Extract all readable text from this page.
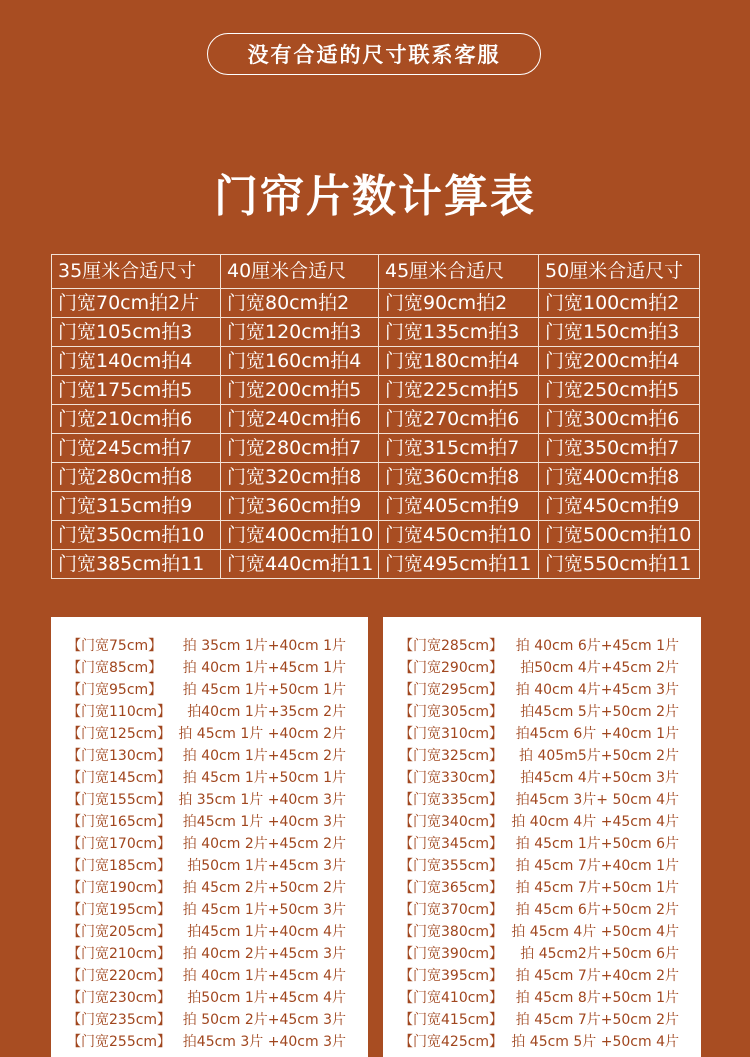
没有合适的尺寸联系客服
门帘片数计算表
35厘米合适尺寸	40厘米合适尺	45厘米合适尺	50厘米合适尺寸
门宽70cm拍2片	门宽80cm拍2	门宽90cm拍2	门宽100cm拍2
门宽105cm拍3	门宽120cm拍3	门宽135cm拍3	门宽150cm拍3
门宽140cm拍4	门宽160cm拍4	门宽180cm拍4	门宽200cm拍4
门宽175cm拍5	门宽200cm拍5	门宽225cm拍5	门宽250cm拍5
门宽210cm拍6	门宽240cm拍6	门宽270cm拍6	门宽300cm拍6
门宽245cm拍7	门宽280cm拍7	门宽315cm拍7	门宽350cm拍7
门宽280cm拍8	门宽320cm拍8	门宽360cm拍8	门宽400cm拍8
门宽315cm拍9	门宽360cm拍9	门宽405cm拍9	门宽450cm拍9
门宽350cm拍10	门宽400cm拍10	门宽450cm拍10	门宽500cm拍10
门宽385cm拍11	门宽440cm拍11	门宽495cm拍11	门宽550cm拍11
【门宽75cm】 拍 35cm 1片+40cm 1片
【门宽85cm】 拍 40cm 1片+45cm 1片
【门宽95cm】 拍 45cm 1片+50cm 1片
【门宽110cm】 拍40cm 1片+35cm 2片
【门宽125cm】 拍 45cm 1片 +40cm 2片
【门宽130cm】 拍 40cm 1片+45cm 2片
【门宽145cm】 拍 45cm 1片+50cm 1片
【门宽155cm】 拍 35cm 1片 +40cm 3片
【门宽165cm】 拍45cm 1片 +40cm 3片
【门宽170cm】 拍 40cm 2片+45cm 2片
【门宽185cm】 拍50cm 1片+45cm 3片
【门宽190cm】 拍 45cm 2片+50cm 2片
【门宽195cm】 拍 45cm 1片+50cm 3片
【门宽205cm】 拍45cm 1片+40cm 4片
【门宽210cm】 拍 40cm 2片+45cm 3片
【门宽220cm】 拍 40cm 1片+45cm 4片
【门宽230cm】 拍50cm 1片+45cm 4片
【门宽235cm】 拍 50cm 2片+45cm 3片
【门宽255cm】 拍45cm 3片 +40cm 3片
【门宽285cm】 拍 40cm 6片+45cm 1片
【门宽290cm】 拍50cm 4片+45cm 2片
【门宽295cm】 拍 40cm 4片+45cm 3片
【门宽305cm】 拍45cm 5片+50cm 2片
【门宽310cm】 拍45cm 6片 +40cm 1片
【门宽325cm】 拍 405m5片+50cm 2片
【门宽330cm】 拍45cm 4片+50cm 3片
【门宽335cm】 拍45cm 3片+ 50cm 4片
【门宽340cm】 拍 40cm 4片 +45cm 4片
【门宽345cm】 拍 45cm 1片+50cm 6片
【门宽355cm】 拍 45cm 7片+40cm 1片
【门宽365cm】 拍 45cm 7片+50cm 1片
【门宽370cm】 拍 45cm 6片+50cm 2片
【门宽380cm】 拍 45cm 4片 +50cm 4片
【门宽390cm】 拍 45cm2片+50cm 6片
【门宽395cm】 拍 45cm 7片+40cm 2片
【门宽410cm】 拍 45cm 8片+50cm 1片
【门宽415cm】 拍 45cm 7片+50cm 2片
【门宽425cm】 拍 45cm 5片 +50cm 4片
